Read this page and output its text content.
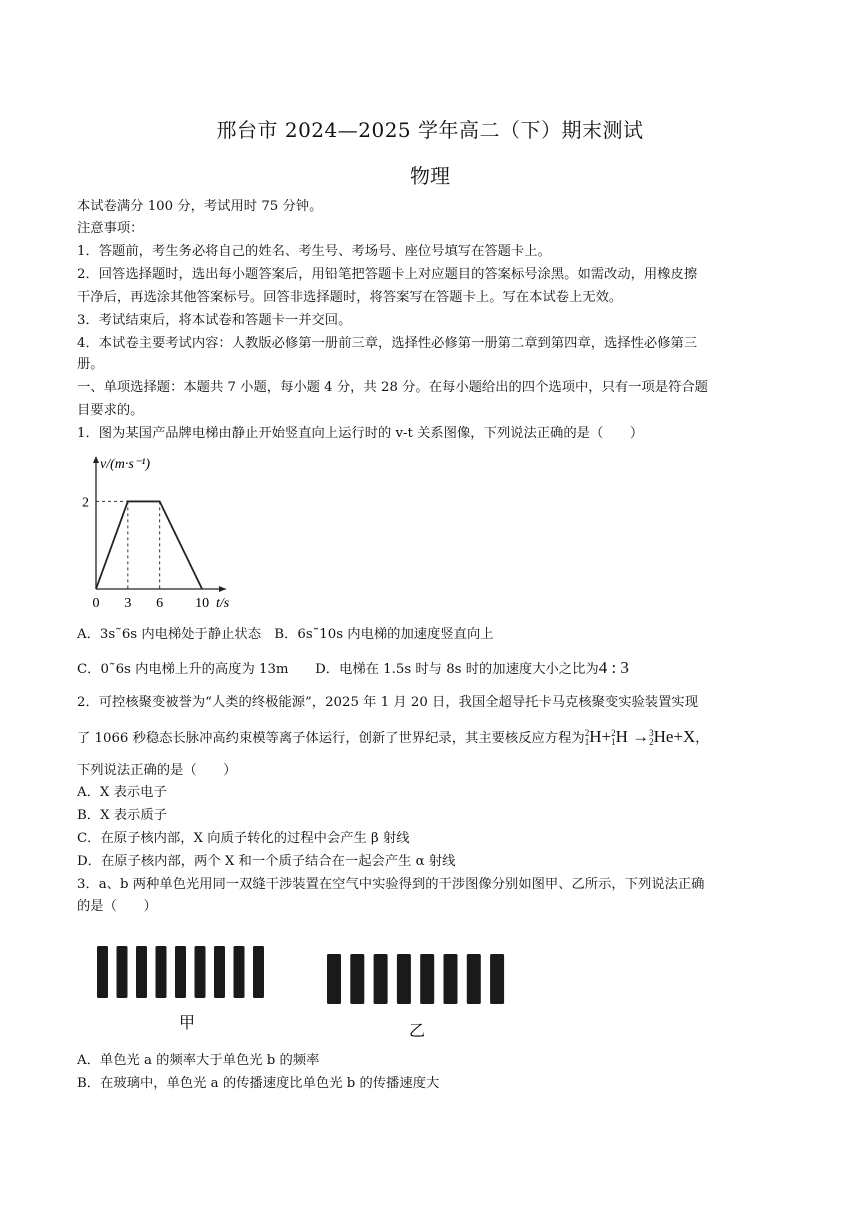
邢台市 2024—2025 学年高二（下）期末测试
物理
本试卷满分 100 分，考试用时 75 分钟。
注意事项：
1．答题前，考生务必将自己的姓名、考生号、考场号、座位号填写在答题卡上。
2．回答选择题时，选出每小题答案后，用铅笔把答题卡上对应题目的答案标号涂黑。如需改动，用橡皮擦
干净后，再选涂其他答案标号。回答非选择题时，将答案写在答题卡上。写在本试卷上无效。
3．考试结束后，将本试卷和答题卡一并交回。
4．本试卷主要考试内容：人教版必修第一册前三章，选择性必修第一册第二章到第四章，选择性必修第三
册。
一、单项选择题：本题共 7 小题，每小题 4 分，共 28 分。在每小题给出的四个选项中，只有一项是符合题
目要求的。
1．图为某国产品牌电梯由静止开始竖直向上运行时的 v-t 关系图像，下列说法正确的是（　　）
0 3 6 10
2
v/(m·s⁻¹)
t/s
A．3s˜6s 内电梯处于静止状态　B．6s˜10s 内电梯的加速度竖直向上
C．0˜6s 内电梯上升的高度为 13m　　D．电梯在 1.5s 时与 8s 时的加速度大小之比为4 : 3
2．可控核聚变被誉为“人类的终极能源”，2025 年 1 月 20 日，我国全超导托卡马克核聚变实验装置实现
了 1066 秒稳态长脉冲高约束模等离子体运行，创新了世界纪录，其主要核反应方程为2
1H+2
1H →3
2He+X，
下列说法正确的是（　　）
A．X 表示电子
B．X 表示质子
C．在原子核内部，X 向质子转化的过程中会产生 β 射线
D．在原子核内部，两个 X 和一个质子结合在一起会产生 α 射线
3．a、b 两种单色光用同一双缝干涉装置在空气中实验得到的干涉图像分别如图甲、乙所示，下列说法正确
的是（　　）
甲	乙
A．单色光 a 的频率大于单色光 b 的频率
B．在玻璃中，单色光 a 的传播速度比单色光 b 的传播速度大
